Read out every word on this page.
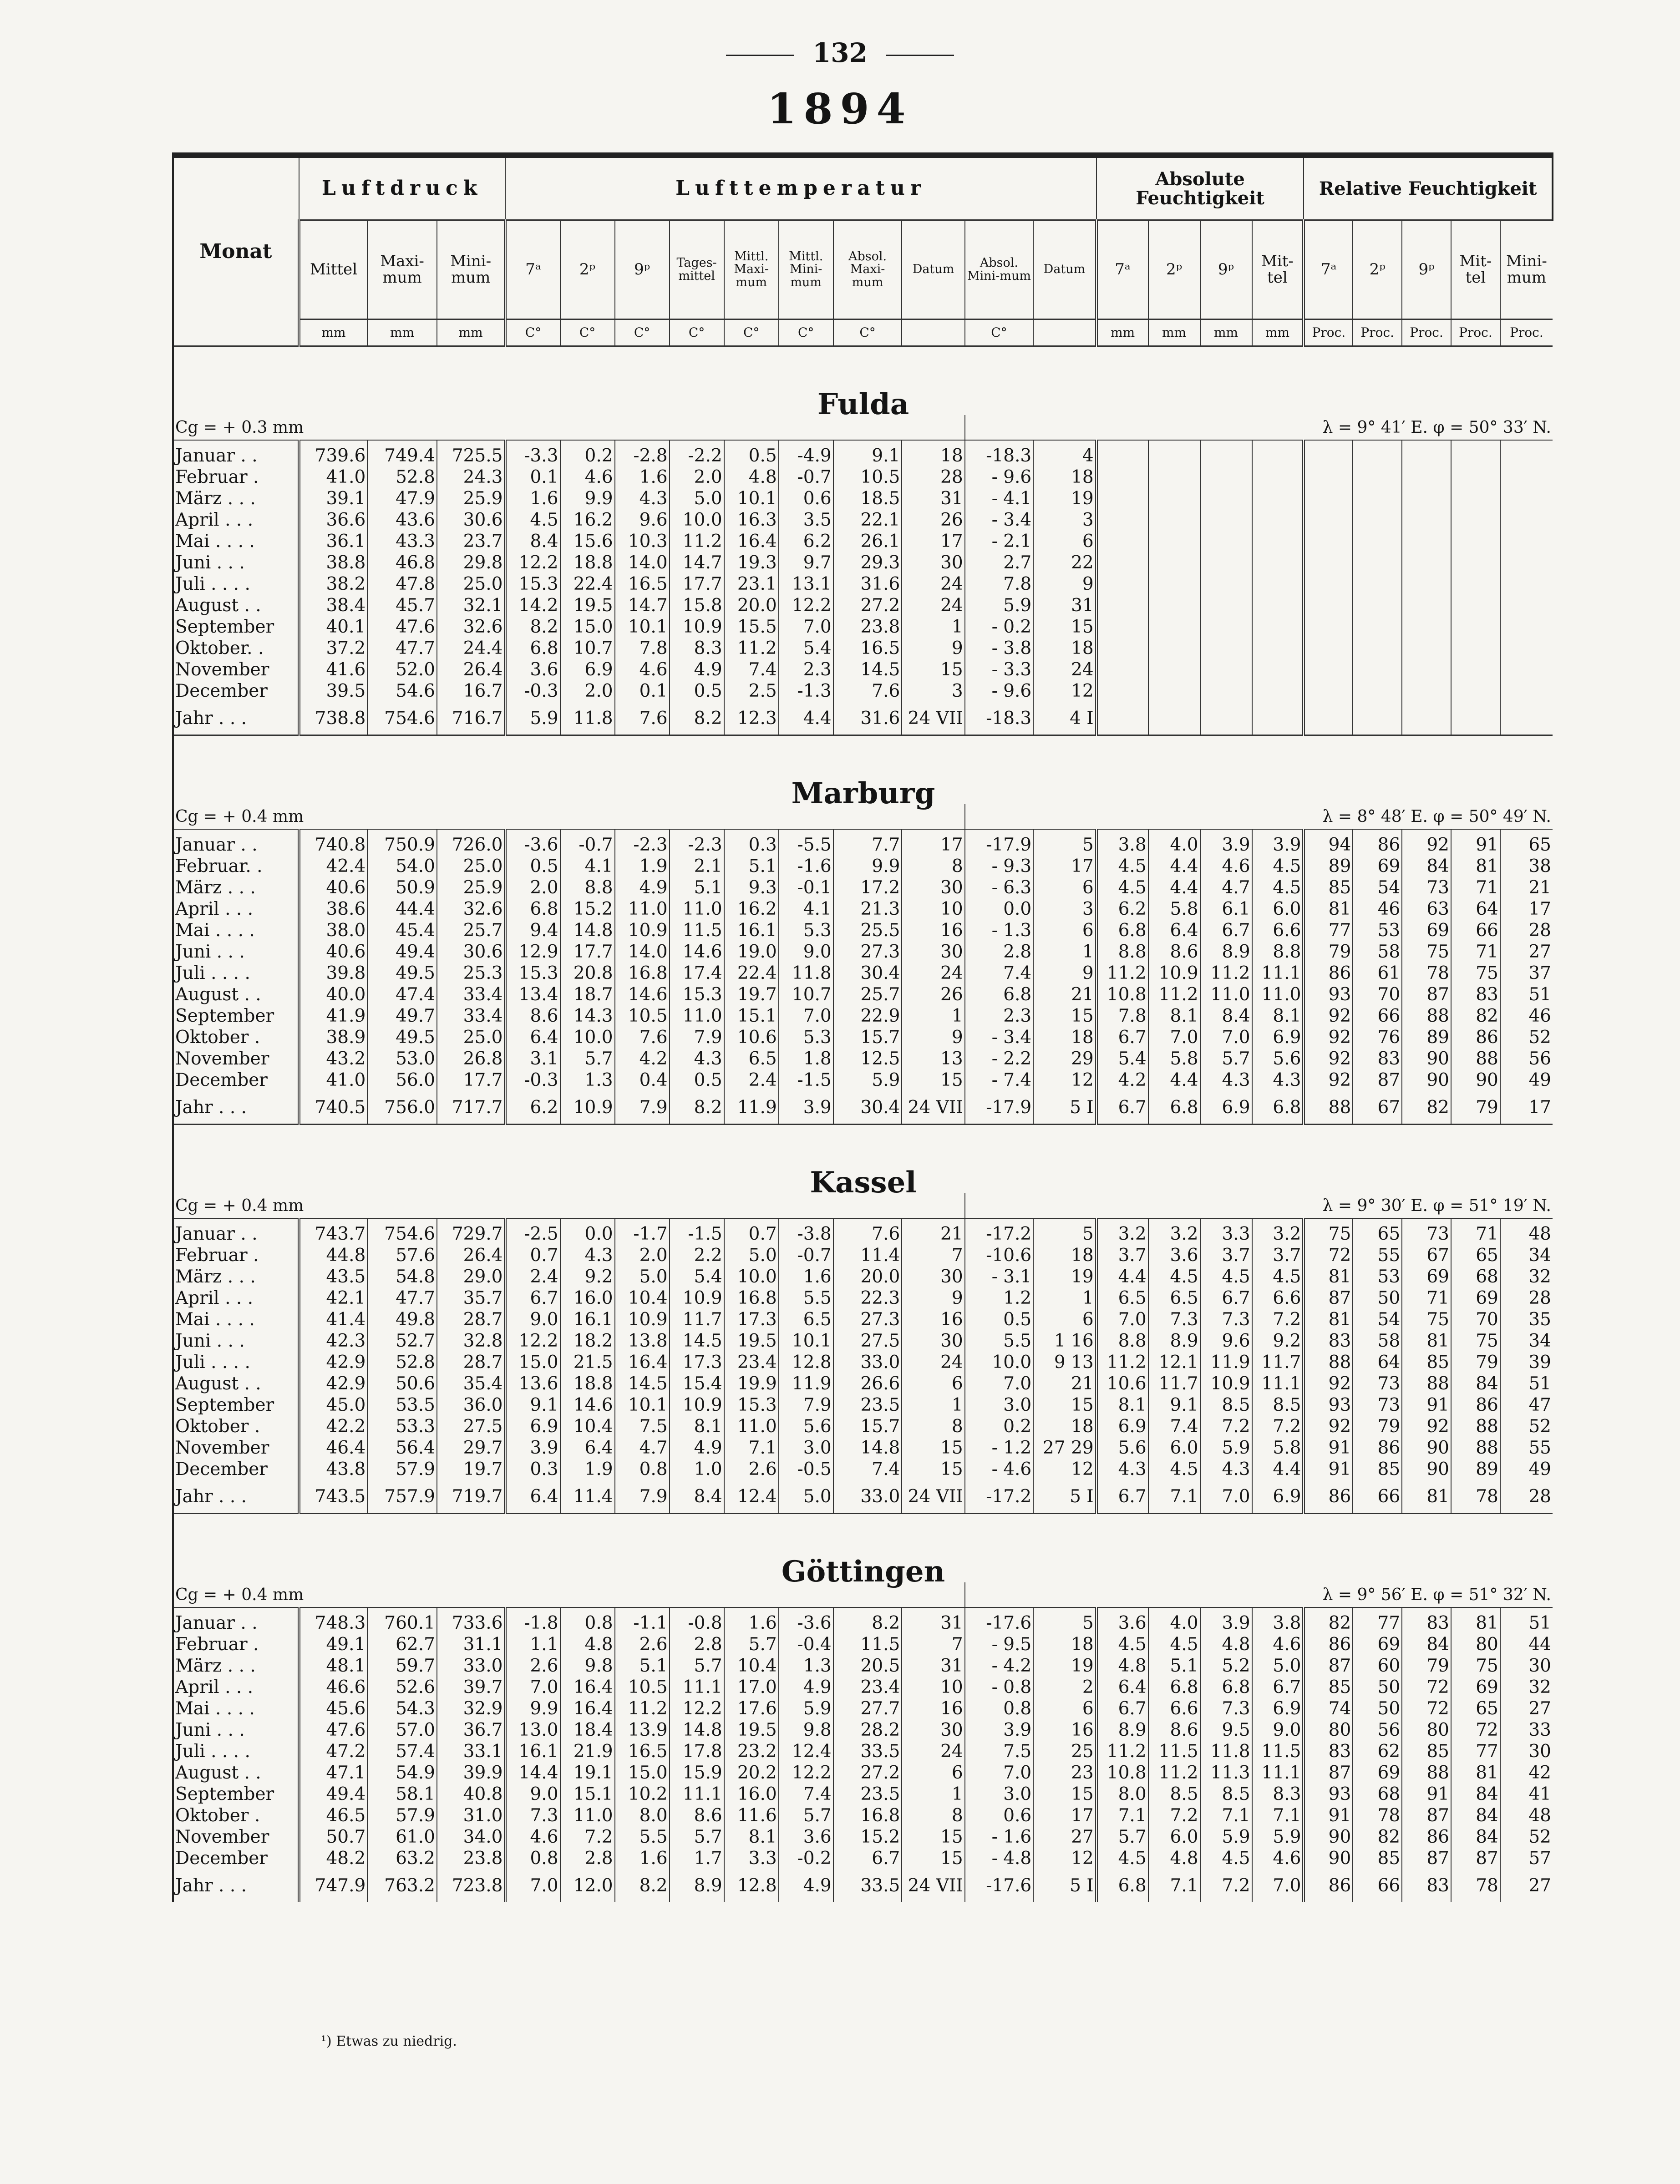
132
1894
Monat	Luftdruck			Lufttemperatur										Absolute Feuchtigkeit				Relative Feuchtigkeit				
	Mittel	Maxi-mum	Mini-mum	7ᵃ	2ᵖ	9ᵖ	Tages-mittel	Mittl. Maxi-mum	Mittl. Mini-mum	Absol. Maxi-mum	Datum	Absol. Mini-mum	Datum	7ᵃ	2ᵖ	9ᵖ	Mit-tel	7ᵃ	2ᵖ	9ᵖ	Mit-tel	Mini-mum
	mm	mm	mm	C°	C°	C°	C°	C°	C°	C°		C°		mm	mm	mm	mm	Proc.	Proc.	Proc.	Proc.	Proc.
Fulda																						
Cg = + 0.3 mm												λ = 9° 41′ E. φ = 50° 33′ N.										

Januar . .	739.6	749.4	725.5	-3.3	0.2	-2.8	-2.2	0.5	-4.9	9.1	18	-18.3	4									
Februar .	41.0	52.8	24.3	0.1	4.6	1.6	2.0	4.8	-0.7	10.5	28	- 9.6	18									
März . . .	39.1	47.9	25.9	1.6	9.9	4.3	5.0	10.1	0.6	18.5	31	- 4.1	19									
April . . .	36.6	43.6	30.6	4.5	16.2	9.6	10.0	16.3	3.5	22.1	26	- 3.4	3									
Mai . . . .	36.1	43.3	23.7	8.4	15.6	10.3	11.2	16.4	6.2	26.1	17	- 2.1	6									
Juni . . .	38.8	46.8	29.8	12.2	18.8	14.0	14.7	19.3	9.7	29.3	30	2.7	22									
Juli . . . .	38.2	47.8	25.0	15.3	22.4	16.5	17.7	23.1	13.1	31.6	24	7.8	9									
August . .	38.4	45.7	32.1	14.2	19.5	14.7	15.8	20.0	12.2	27.2	24	5.9	31									
September	40.1	47.6	32.6	8.2	15.0	10.1	10.9	15.5	7.0	23.8	1	- 0.2	15									
Oktober. .	37.2	47.7	24.4	6.8	10.7	7.8	8.3	11.2	5.4	16.5	9	- 3.8	18									
November	41.6	52.0	26.4	3.6	6.9	4.6	4.9	7.4	2.3	14.5	15	- 3.3	24									
December	39.5	54.6	16.7	-0.3	2.0	0.1	0.5	2.5	-1.3	7.6	3	- 9.6	12									
Jahr . . .	738.8	754.6	716.7	5.9	11.8	7.6	8.2	12.3	4.4	31.6	24 VII	-18.3	4 I									
Marburg																						
Cg = + 0.4 mm												λ = 8° 48′ E. φ = 50° 49′ N.										

Januar . .	740.8	750.9	726.0	-3.6	-0.7	-2.3	-2.3	0.3	-5.5	7.7	17	-17.9	5	3.8	4.0	3.9	3.9	94	86	92	91	65
Februar. .	42.4	54.0	25.0	0.5	4.1	1.9	2.1	5.1	-1.6	9.9	8	- 9.3	17	4.5	4.4	4.6	4.5	89	69	84	81	38
März . . .	40.6	50.9	25.9	2.0	8.8	4.9	5.1	9.3	-0.1	17.2	30	- 6.3	6	4.5	4.4	4.7	4.5	85	54	73	71	21
April . . .	38.6	44.4	32.6	6.8	15.2	11.0	11.0	16.2	4.1	21.3	10	0.0	3	6.2	5.8	6.1	6.0	81	46	63	64	17
Mai . . . .	38.0	45.4	25.7	9.4	14.8	10.9	11.5	16.1	5.3	25.5	16	- 1.3	6	6.8	6.4	6.7	6.6	77	53	69	66	28
Juni . . .	40.6	49.4	30.6	12.9	17.7	14.0	14.6	19.0	9.0	27.3	30	2.8	1	8.8	8.6	8.9	8.8	79	58	75	71	27
Juli . . . .	39.8	49.5	25.3	15.3	20.8	16.8	17.4	22.4	11.8	30.4	24	7.4	9	11.2	10.9	11.2	11.1	86	61	78	75	37
August . .	40.0	47.4	33.4	13.4	18.7	14.6	15.3	19.7	10.7	25.7	26	6.8	21	10.8	11.2	11.0	11.0	93	70	87	83	51
September	41.9	49.7	33.4	8.6	14.3	10.5	11.0	15.1	7.0	22.9	1	2.3	15	7.8	8.1	8.4	8.1	92	66	88	82	46
Oktober .	38.9	49.5	25.0	6.4	10.0	7.6	7.9	10.6	5.3	15.7	9	- 3.4	18	6.7	7.0	7.0	6.9	92	76	89	86	52
November	43.2	53.0	26.8	3.1	5.7	4.2	4.3	6.5	1.8	12.5	13	- 2.2	29	5.4	5.8	5.7	5.6	92	83	90	88	56
December	41.0	56.0	17.7	-0.3	1.3	0.4	0.5	2.4	-1.5	5.9	15	- 7.4	12	4.2	4.4	4.3	4.3	92	87	90	90	49
Jahr . . .	740.5	756.0	717.7	6.2	10.9	7.9	8.2	11.9	3.9	30.4	24 VII	-17.9	5 I	6.7	6.8	6.9	6.8	88	67	82	79	17
Kassel																						
Cg = + 0.4 mm												λ = 9° 30′ E. φ = 51° 19′ N.										

Januar . .	743.7	754.6	729.7	-2.5	0.0	-1.7	-1.5	0.7	-3.8	7.6	21	-17.2	5	3.2	3.2	3.3	3.2	75	65	73	71	48
Februar .	44.8	57.6	26.4	0.7	4.3	2.0	2.2	5.0	-0.7	11.4	7	-10.6	18	3.7	3.6	3.7	3.7	72	55	67	65	34
März . . .	43.5	54.8	29.0	2.4	9.2	5.0	5.4	10.0	1.6	20.0	30	- 3.1	19	4.4	4.5	4.5	4.5	81	53	69	68	32
April . . .	42.1	47.7	35.7	6.7	16.0	10.4	10.9	16.8	5.5	22.3	9	1.2	1	6.5	6.5	6.7	6.6	87	50	71	69	28
Mai . . . .	41.4	49.8	28.7	9.0	16.1	10.9	11.7	17.3	6.5	27.3	16	0.5	6	7.0	7.3	7.3	7.2	81	54	75	70	35
Juni . . .	42.3	52.7	32.8	12.2	18.2	13.8	14.5	19.5	10.1	27.5	30	5.5	1 16	8.8	8.9	9.6	9.2	83	58	81	75	34
Juli . . . .	42.9	52.8	28.7	15.0	21.5	16.4	17.3	23.4	12.8	33.0	24	10.0	9 13	11.2	12.1	11.9	11.7	88	64	85	79	39
August . .	42.9	50.6	35.4	13.6	18.8	14.5	15.4	19.9	11.9	26.6	6	7.0	21	10.6	11.7	10.9	11.1	92	73	88	84	51
September	45.0	53.5	36.0	9.1	14.6	10.1	10.9	15.3	7.9	23.5	1	3.0	15	8.1	9.1	8.5	8.5	93	73	91	86	47
Oktober .	42.2	53.3	27.5	6.9	10.4	7.5	8.1	11.0	5.6	15.7	8	0.2	18	6.9	7.4	7.2	7.2	92	79	92	88	52
November	46.4	56.4	29.7	3.9	6.4	4.7	4.9	7.1	3.0	14.8	15	- 1.2	27 29	5.6	6.0	5.9	5.8	91	86	90	88	55
December	43.8	57.9	19.7	0.3	1.9	0.8	1.0	2.6	-0.5	7.4	15	- 4.6	12	4.3	4.5	4.3	4.4	91	85	90	89	49
Jahr . . .	743.5	757.9	719.7	6.4	11.4	7.9	8.4	12.4	5.0	33.0	24 VII	-17.2	5 I	6.7	7.1	7.0	6.9	86	66	81	78	28
Göttingen																						
Cg = + 0.4 mm												λ = 9° 56′ E. φ = 51° 32′ N.										

Januar . .	748.3	760.1	733.6	-1.8	0.8	-1.1	-0.8	1.6	-3.6	8.2	31	-17.6	5	3.6	4.0	3.9	3.8	82	77	83	81	51
Februar .	49.1	62.7	31.1	1.1	4.8	2.6	2.8	5.7	-0.4	11.5	7	- 9.5	18	4.5	4.5	4.8	4.6	86	69	84	80	44
März . . .	48.1	59.7	33.0	2.6	9.8	5.1	5.7	10.4	1.3	20.5	31	- 4.2	19	4.8	5.1	5.2	5.0	87	60	79	75	30
April . . .	46.6	52.6	39.7	7.0	16.4	10.5	11.1	17.0	4.9	23.4	10	- 0.8	2	6.4	6.8	6.8	6.7	85	50	72	69	32
Mai . . . .	45.6	54.3	32.9	9.9	16.4	11.2	12.2	17.6	5.9	27.7	16	0.8	6	6.7	6.6	7.3	6.9	74	50	72	65	27
Juni . . .	47.6	57.0	36.7	13.0	18.4	13.9	14.8	19.5	9.8	28.2	30	3.9	16	8.9	8.6	9.5	9.0	80	56	80	72	33
Juli . . . .	47.2	57.4	33.1	16.1	21.9	16.5	17.8	23.2	12.4	33.5	24	7.5	25	11.2	11.5	11.8	11.5	83	62	85	77	30
August . .	47.1	54.9	39.9	14.4	19.1	15.0	15.9	20.2	12.2	27.2	6	7.0	23	10.8	11.2	11.3	11.1	87	69	88	81	42
September	49.4	58.1	40.8	9.0	15.1	10.2	11.1	16.0	7.4	23.5	1	3.0	15	8.0	8.5	8.5	8.3	93	68	91	84	41
Oktober .	46.5	57.9	31.0	7.3	11.0	8.0	8.6	11.6	5.7	16.8	8	0.6	17	7.1	7.2	7.1	7.1	91	78	87	84	48
November	50.7	61.0	34.0	4.6	7.2	5.5	5.7	8.1	3.6	15.2	15	- 1.6	27	5.7	6.0	5.9	5.9	90	82	86	84	52
December	48.2	63.2	23.8	0.8	2.8	1.6	1.7	3.3	-0.2	6.7	15	- 4.8	12	4.5	4.8	4.5	4.6	90	85	87	87	57
Jahr . . .	747.9	763.2	723.8	7.0	12.0	8.2	8.9	12.8	4.9	33.5	24 VII	-17.6	5 I	6.8	7.1	7.2	7.0	86	66	83	78	27
¹) Etwas zu niedrig.
